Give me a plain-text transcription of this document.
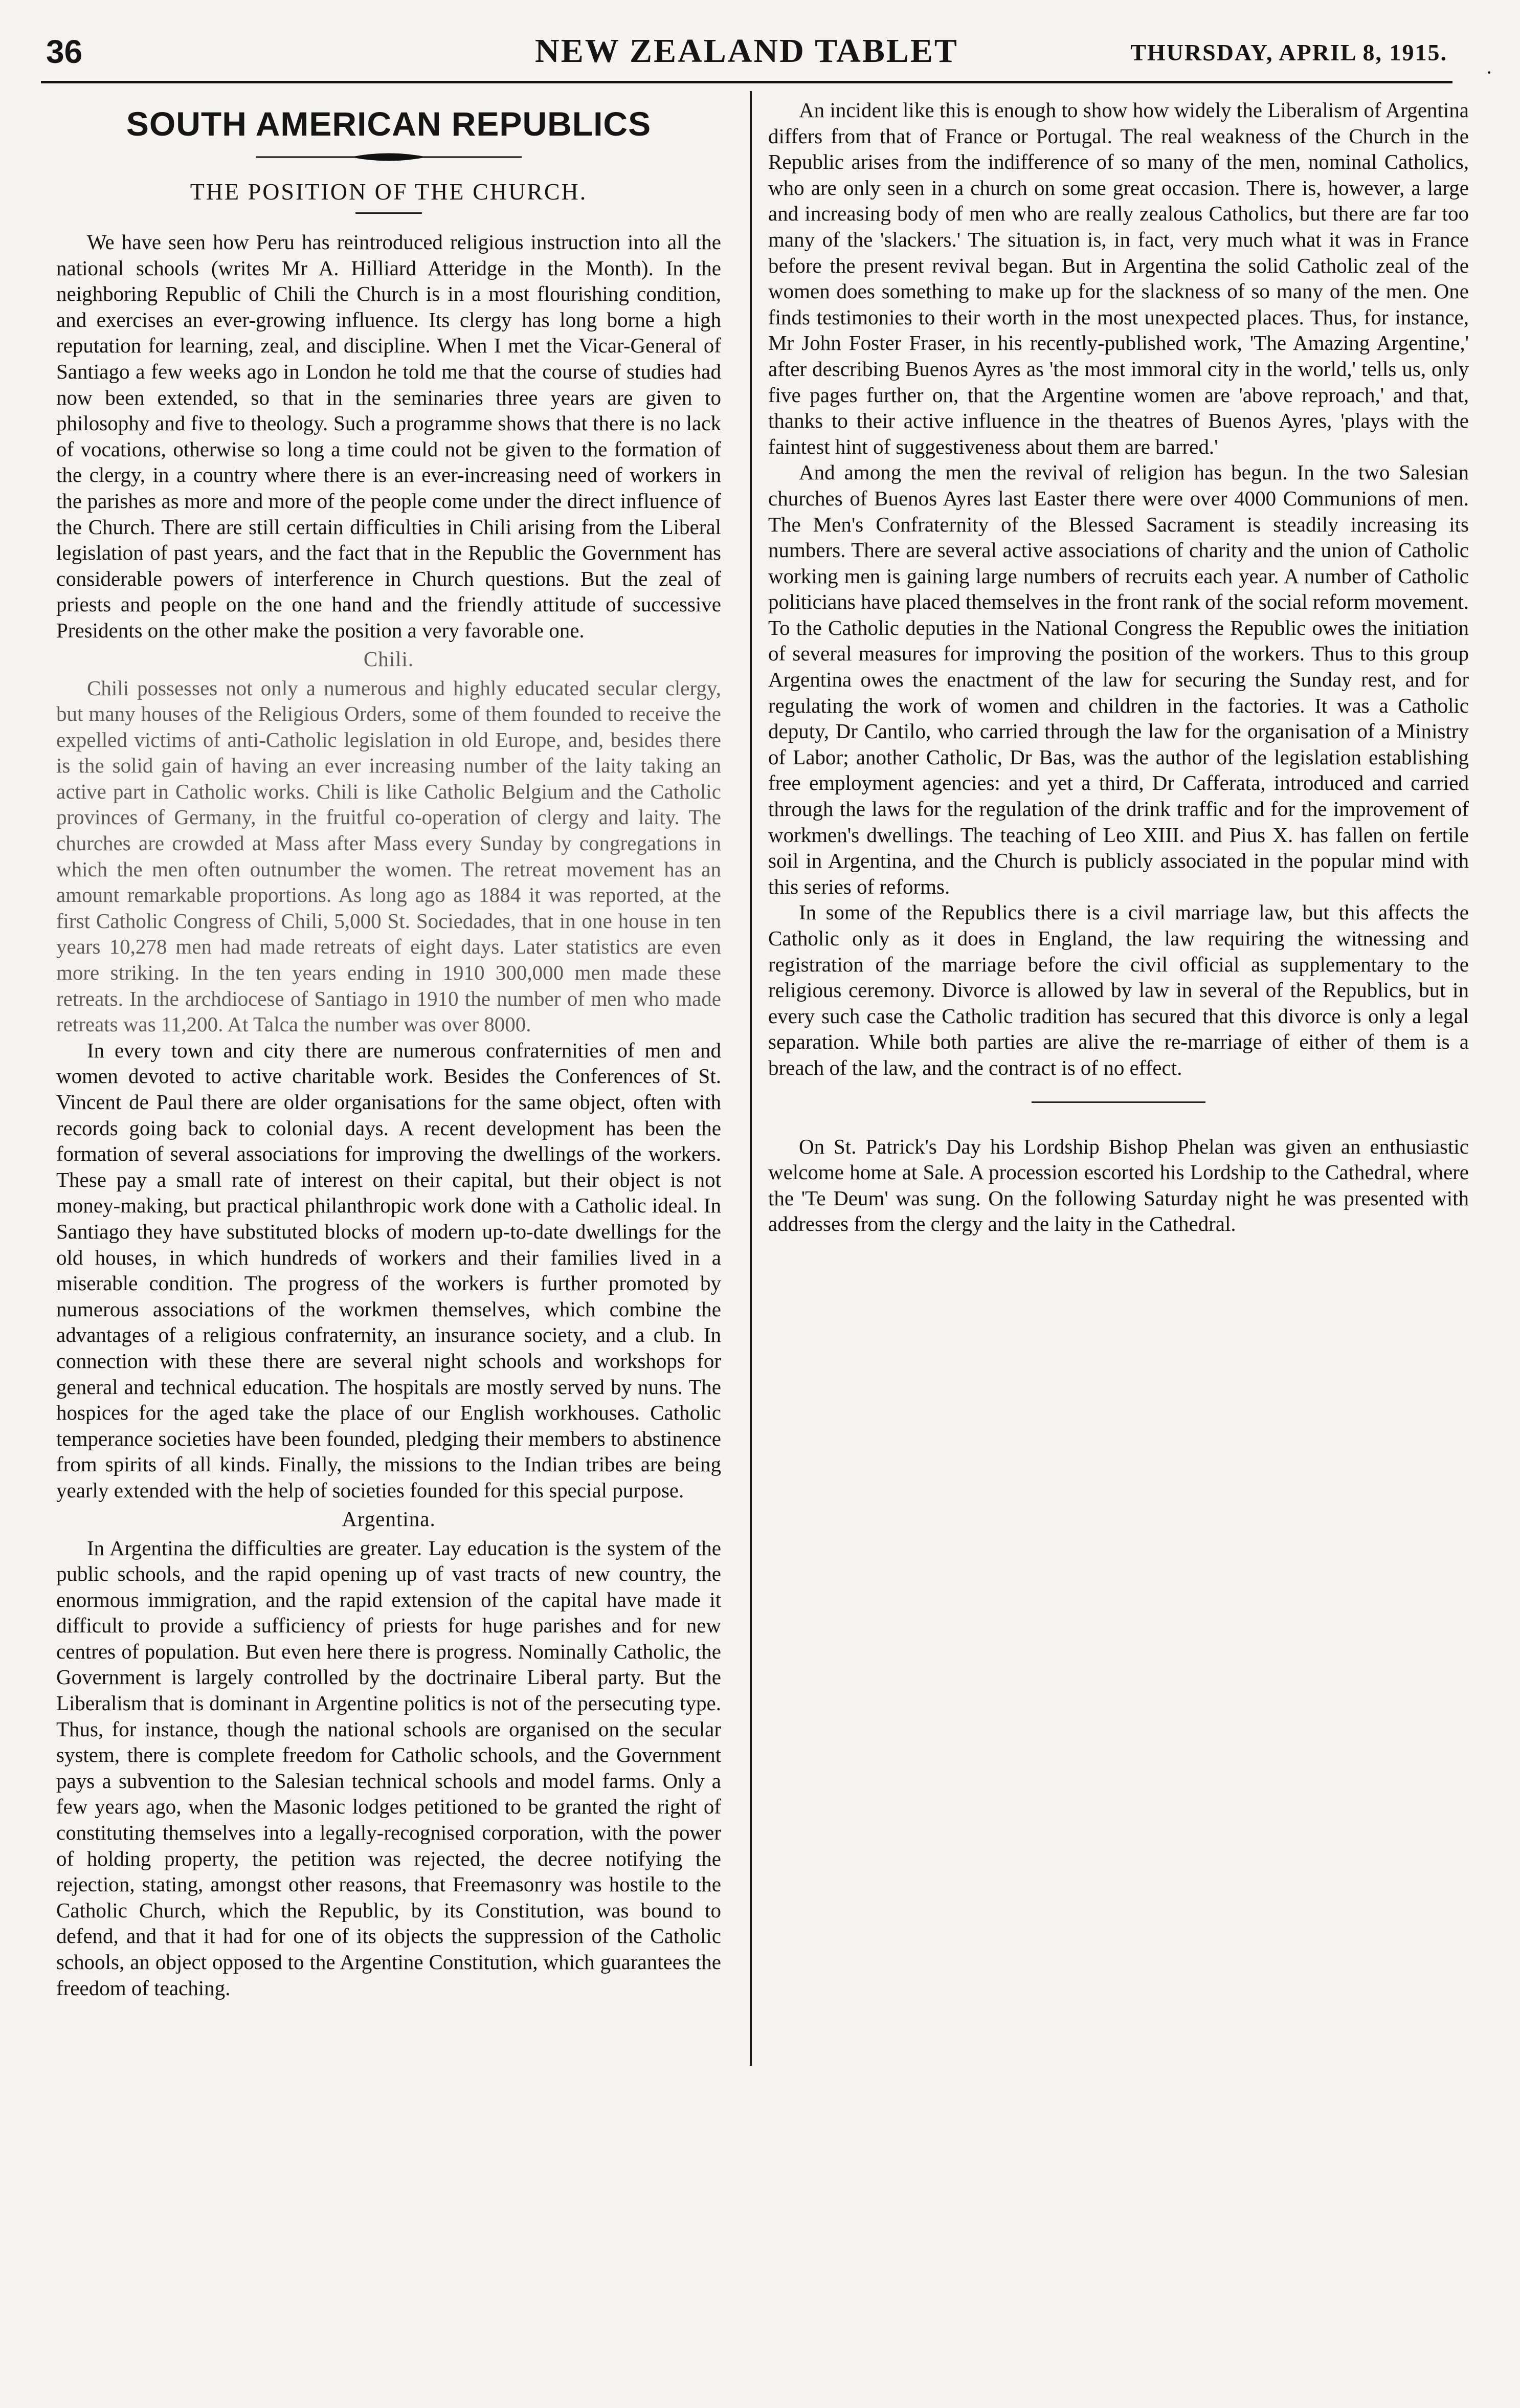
36	NEW ZEALAND TABLET	THURSDAY, APRIL 8, 1915.
·
SOUTH AMERICAN REPUBLICS
THE POSITION OF THE CHURCH.

We have seen how Peru has reintroduced religious instruction into all the national schools (writes Mr A. Hilliard Atteridge in the Month). In the neighboring Republic of Chili the Church is in a most flourishing condition, and exercises an ever-growing influence. Its clergy has long borne a high reputation for learning, zeal, and discipline. When I met the Vicar-General of Santiago a few weeks ago in London he told me that the course of studies had now been extended, so that in the seminaries three years are given to philosophy and five to theology. Such a programme shows that there is no lack of vocations, otherwise so long a time could not be given to the formation of the clergy, in a country where there is an ever-increasing need of workers in the parishes as more and more of the people come under the direct influence of the Church. There are still certain difficulties in Chili arising from the Liberal legislation of past years, and the fact that in the Republic the Government has considerable powers of interference in Church questions. But the zeal of priests and people on the one hand and the friendly attitude of successive Presidents on the other make the position a very favorable one.

Chili.

Chili possesses not only a numerous and highly educated secular clergy, but many houses of the Religious Orders, some of them founded to receive the expelled victims of anti-Catholic legislation in old Europe, and, besides there is the solid gain of having an ever increasing number of the laity taking an active part in Catholic works. Chili is like Catholic Belgium and the Catholic provinces of Germany, in the fruitful co-operation of clergy and laity. The churches are crowded at Mass after Mass every Sunday by congregations in which the men often outnumber the women. The retreat movement has an amount remarkable proportions. As long ago as 1884 it was reported, at the first Catholic Congress of Chili, 5,000 St. Sociedades, that in one house in ten years 10,278 men had made retreats of eight days. Later statistics are even more striking. In the ten years ending in 1910 300,000 men made these retreats. In the archdiocese of Santiago in 1910 the number of men who made retreats was 11,200. At Talca the number was over 8000.

In every town and city there are numerous confraternities of men and women devoted to active charitable work. Besides the Conferences of St. Vincent de Paul there are older organisations for the same object, often with records going back to colonial days. A recent development has been the formation of several associations for improving the dwellings of the workers. These pay a small rate of interest on their capital, but their object is not money-making, but practical philanthropic work done with a Catholic ideal. In Santiago they have substituted blocks of modern up-to-date dwellings for the old houses, in which hundreds of workers and their families lived in a miserable condition. The progress of the workers is further promoted by numerous associations of the workmen themselves, which combine the advantages of a religious confraternity, an insurance society, and a club. In connection with these there are several night schools and workshops for general and technical education. The hospitals are mostly served by nuns. The hospices for the aged take the place of our English workhouses. Catholic temperance societies have been founded, pledging their members to abstinence from spirits of all kinds. Finally, the missions to the Indian tribes are being yearly extended with the help of societies founded for this special purpose.

Argentina.

In Argentina the difficulties are greater. Lay education is the system of the public schools, and the rapid opening up of vast tracts of new country, the enormous immigration, and the rapid extension of the capital have made it difficult to provide a sufficiency of priests for huge parishes and for new centres of population. But even here there is progress. Nominally Catholic, the Government is largely controlled by the doctrinaire Liberal party. But the Liberalism that is dominant in Argentine politics is not of the persecuting type. Thus, for instance, though the national schools are organised on the secular system, there is complete freedom for Catholic schools, and the Government pays a subvention to the Salesian technical schools and model farms. Only a few years ago, when the Masonic lodges petitioned to be granted the right of constituting themselves into a legally-recognised corporation, with the power of holding property, the petition was rejected, the decree notifying the rejection, stating, amongst other reasons, that Freemasonry was hostile to the Catholic Church, which the Republic, by its Constitution, was bound to defend, and that it had for one of its objects the suppression of the Catholic schools, an object opposed to the Argentine Constitution, which guarantees the freedom of teaching.

An incident like this is enough to show how widely the Liberalism of Argentina differs from that of France or Portugal. The real weakness of the Church in the Republic arises from the indifference of so many of the men, nominal Catholics, who are only seen in a church on some great occasion. There is, however, a large and increasing body of men who are really zealous Catholics, but there are far too many of the 'slackers.' The situation is, in fact, very much what it was in France before the present revival began. But in Argentina the solid Catholic zeal of the women does something to make up for the slackness of so many of the men. One finds testimonies to their worth in the most unexpected places. Thus, for instance, Mr John Foster Fraser, in his recently-published work, 'The Amazing Argentine,' after describing Buenos Ayres as 'the most immoral city in the world,' tells us, only five pages further on, that the Argentine women are 'above reproach,' and that, thanks to their active influence in the theatres of Buenos Ayres, 'plays with the faintest hint of suggestiveness about them are barred.'

And among the men the revival of religion has begun. In the two Salesian churches of Buenos Ayres last Easter there were over 4000 Communions of men. The Men's Confraternity of the Blessed Sacrament is steadily increasing its numbers. There are several active associations of charity and the union of Catholic working men is gaining large numbers of recruits each year. A number of Catholic politicians have placed themselves in the front rank of the social reform movement. To the Catholic deputies in the National Congress the Republic owes the initiation of several measures for improving the position of the workers. Thus to this group Argentina owes the enactment of the law for securing the Sunday rest, and for regulating the work of women and children in the factories. It was a Catholic deputy, Dr Cantilo, who carried through the law for the organisation of a Ministry of Labor; another Catholic, Dr Bas, was the author of the legislation establishing free employment agencies: and yet a third, Dr Cafferata, introduced and carried through the laws for the regulation of the drink traffic and for the improvement of workmen's dwellings. The teaching of Leo XIII. and Pius X. has fallen on fertile soil in Argentina, and the Church is publicly associated in the popular mind with this series of reforms.

In some of the Republics there is a civil marriage law, but this affects the Catholic only as it does in England, the law requiring the witnessing and registration of the marriage before the civil official as supplementary to the religious ceremony. Divorce is allowed by law in several of the Republics, but in every such case the Catholic tradition has secured that this divorce is only a legal separation. While both parties are alive the re-marriage of either of them is a breach of the law, and the contract is of no effect.

On St. Patrick's Day his Lordship Bishop Phelan was given an enthusiastic welcome home at Sale. A procession escorted his Lordship to the Cathedral, where the 'Te Deum' was sung. On the following Saturday night he was presented with addresses from the clergy and the laity in the Cathedral.
